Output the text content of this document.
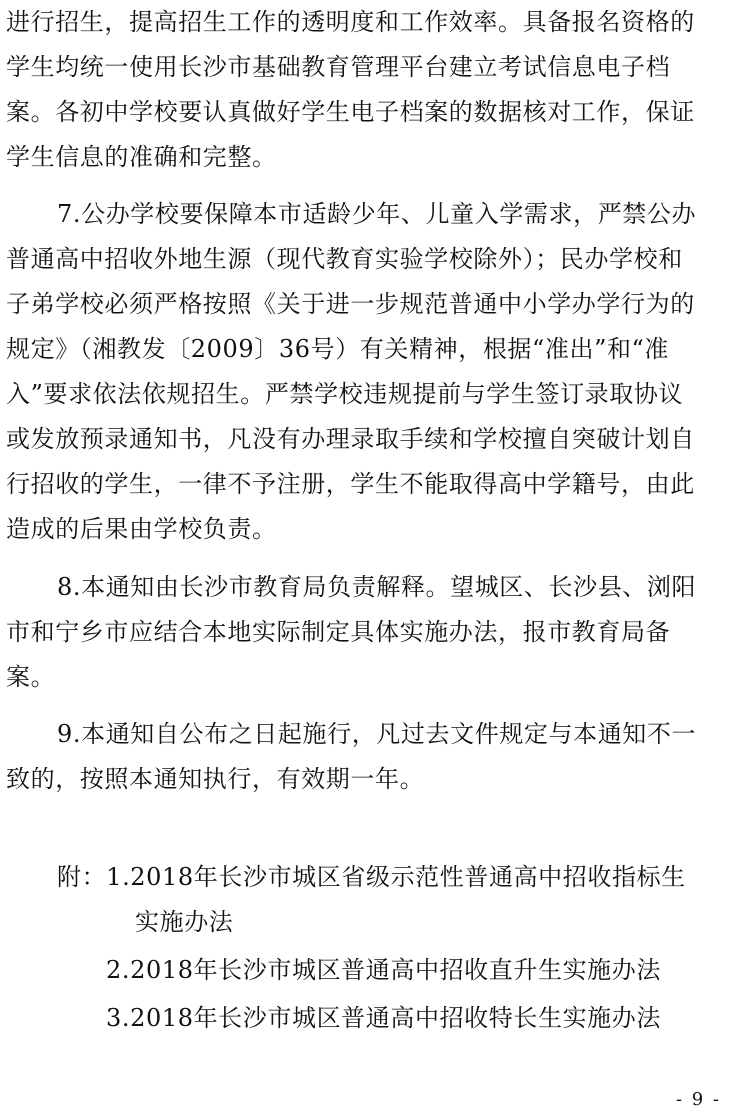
进行招生，提高招生工作的透明度和工作效率。具备报名资格的
学生均统一使用长沙市基础教育管理平台建立考试信息电子档
案。各初中学校要认真做好学生电子档案的数据核对工作，保证
学生信息的准确和完整。
7.公办学校要保障本市适龄少年、儿童入学需求，严禁公办
普通高中招收外地生源（现代教育实验学校除外）；民办学校和
子弟学校必须严格按照《关于进一步规范普通中小学办学行为的
规定》（湘教发〔2009〕36号）有关精神，根据“准出”和“准
入”要求依法依规招生。严禁学校违规提前与学生签订录取协议
或发放预录通知书，凡没有办理录取手续和学校擅自突破计划自
行招收的学生，一律不予注册，学生不能取得高中学籍号，由此
造成的后果由学校负责。
8.本通知由长沙市教育局负责解释。望城区、长沙县、浏阳
市和宁乡市应结合本地实际制定具体实施办法，报市教育局备
案。
9.本通知自公布之日起施行，凡过去文件规定与本通知不一
致的，按照本通知执行，有效期一年。
附：1.2018年长沙市城区省级示范性普通高中招收指标生
实施办法
2.2018年长沙市城区普通高中招收直升生实施办法
3.2018年长沙市城区普通高中招收特长生实施办法
- 9 -
